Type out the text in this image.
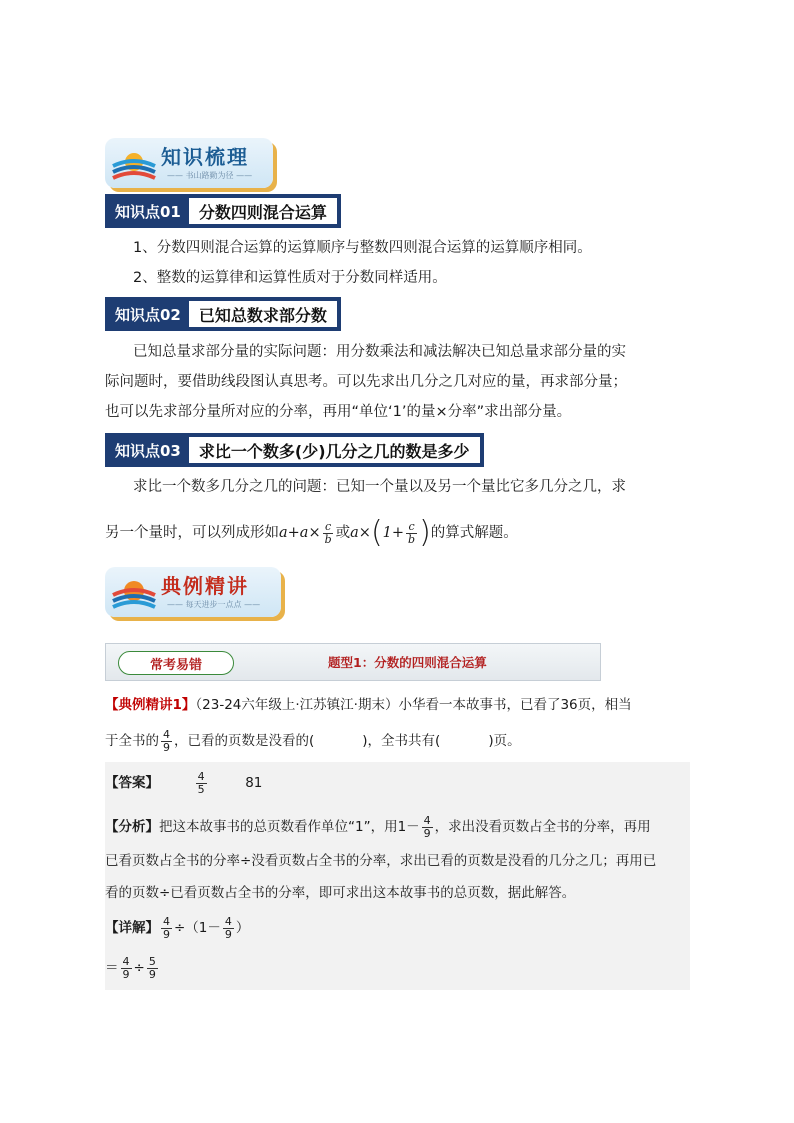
知识梳理
—— 书山路勤为径 ——
知识点01	分数四则混合运算
1、分数四则混合运算的运算顺序与整数四则混合运算的运算顺序相同。
2、整数的运算律和运算性质对于分数同样适用。
知识点02	已知总数求部分数
已知总量求部分量的实际问题：用分数乘法和减法解决已知总量求部分量的实
际问题时，要借助线段图认真思考。可以先求出几分之几对应的量，再求部分量；
也可以先求部分量所对应的分率，再用“单位‘1’的量×分率”求出部分量。
知识点03	求比一个数多(少)几分之几的数是多少
求比一个数多几分之几的问题：已知一个量以及另一个量比它多几分之几，求
另一个量时，可以列成形如$a+a\times \frac{c}{b}$ 或$a\times(1+ \frac{c}{b}$ )的算式解题。
典例精讲
—— 每天进步一点点 ——
常考易错	题型1：分数的四则混合运算
【典例精讲1】（23-24六年级上·江苏镇江·期末）小华看一本故事书，已看了36页，相当
于全书的 $\frac{4}{9}$ ，已看的页数是没看的(	)，全书共有(	)页。
【答案】	$\frac{4}{5}$	81
【分析】把这本故事书的总页数看作单位“1”，用$1- \frac{4}{9}$ ，求出没看页数占全书的分率，再用
已看页数占全书的分率÷没看页数占全书的分率，求出已看的页数是没看的几分之几；再用已
看的页数÷已看页数占全书的分率，即可求出这本故事书的总页数，据此解答。
【详解】 $\frac{4}{9} \div(1- \frac{4}{9}$ ）
＝ $\frac{4}{9} \div \frac{5}{9}$
